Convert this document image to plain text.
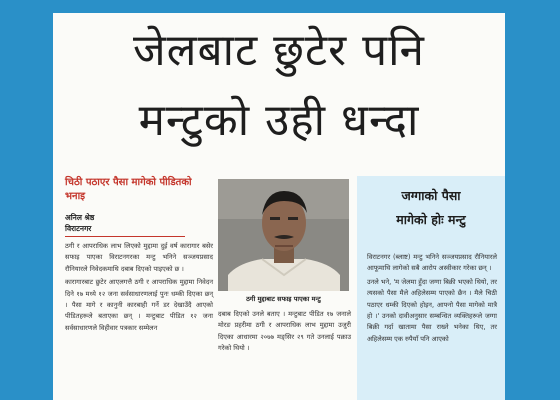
जेलबाट छुटेर पनि
मन्टुको उही धन्दा
चिठी पठाएर पैसा मागेको पीडितको भनाइ
अनिल श्रेष्ठ
विराटनगर

ठगी र आपराधिक लाभ लिएको मुद्दामा दुई वर्ष कारागार बसेर सफाइ पाएका विराटनगरका मन्टु भनिने सञ्जयप्रसाद रौनियारले निवेदकमाथि दबाब दिएको पाइएको छ ।

कारागारबाट छुटेर आएलगत्तै ठगी र आपराधिक मुद्दामा निवेदन दिने १७ मध्ये १२ जना सर्वसाधारणलाई पुनः धम्की दिएका छन् । पैसा मागे र कानुनी कारबाही गर्ने डर देखाउँदै आएको पीडितहरूले बताएका छन् । मन्टुबाट पीडित १२ जना सर्वसाधारणले विहीवार पत्रकार सम्मेलन

ठगी मुद्दाबाट सफाइ पाएका मन्टु
दबाब दिएको उनले बताए । मन्टुबाट पीडित १७ जनाले मोरङ प्रहरीमा ठगी र आपराधिक लाभ मुद्दामा उजुरी दिएका आधारमा २०७७ मङ्सिर २९ गते उनलाई पक्राउ गरेको थियो ।
जग्गाको पैसा
मागेको होः मन्टु

विराटनगर (ब्लाष्ट) मन्टु भनिने सञ्जयप्रसाद रौनियारले आफूमाथि लागेको सबै आरोप अस्वीकार गरेका छन् ।

उनले भने, 'म जेलमा हुँदा जग्गा बिक्री भएको थियो, तर त्यसको पैसा मैले अहिलेसम्म पाएको छैन । मैले चिठी पठाएर धम्की दिएको होइन, आफ्नो पैसा मागेको मात्रै हो ।' उनको दावीअनुसार सम्बन्धित व्यक्तिहरूले जग्गा बिक्री गर्दा खातामा पैसा राख्ने भनेका थिए, तर अहिलेसम्म एक रुपैयाँ पनि आएको
